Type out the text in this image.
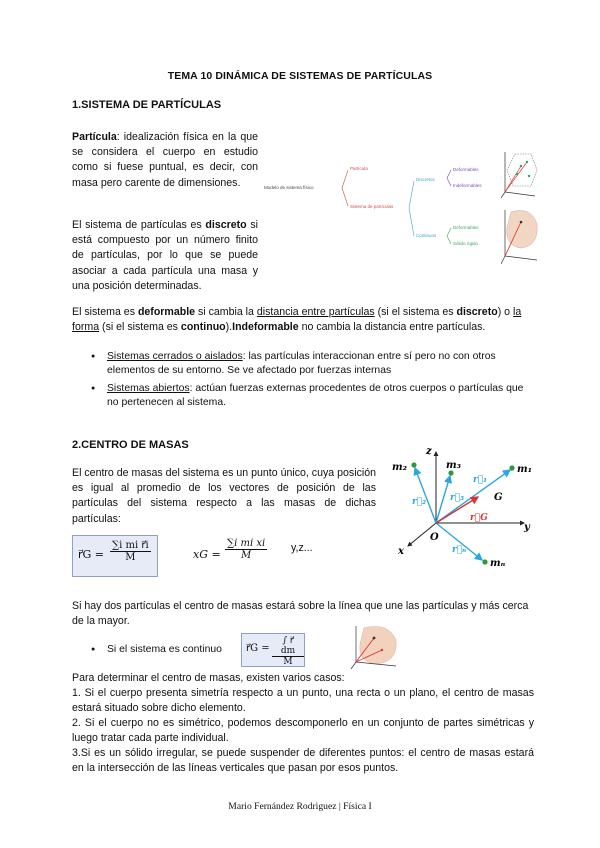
TEMA 10 DINÁMICA DE SISTEMAS DE PARTÍCULAS
1.SISTEMA DE PARTÍCULAS
Partícula: idealización física en la que se considera el cuerpo en estudio como si fuese puntual, es decir, con masa pero carente de dimensiones.
El sistema de partículas es discreto si está compuesto por un número finito de partículas, por lo que se puede asociar a cada partícula una masa y una posición determinadas.
Modelo de sistema físico
Partícula
Sistema de partículas
Discretos
Continuos
Deformables
Indeformables
Deformables
Sólido rígido
El sistema es deformable si cambia la distancia entre partículas (si el sistema es discreto) o la forma (si el sistema es continuo).Indeformable no cambia la distancia entre partículas.
● Sistemas cerrados o aislados: las partículas interaccionan entre sí pero no con otros elementos de su entorno. Se ve afectado por fuerzas internas
● Sistemas abiertos: actúan fuerzas externas procedentes de otros cuerpos o partículas que no pertenecen al sistema.
2.CENTRO DE MASAS
El centro de masas del sistema es un punto único, cuya posición es igual al promedio de los vectores de posición de las partículas del sistema respecto a las masas de dichas partículas:
r⃗G = $\frac{\text{∑i mi r⃗i}}{M}$	xG = $\frac{\text{∑i mi xi}}{M} y,z$...
z
y
x
O
G
m₁
m₂	m₃
mₙ
r⃗₁
r⃗₂	r⃗₃
r⃗ₙ
r⃗G
Si hay dos partículas el centro de masas estará sobre la línea que une las partículas y más cerca de la mayor.
● Si el sistema es continuo	r⃗G = $\frac{\int r⃗ dm}{M}$
Para determinar el centro de masas, existen varios casos:
1. Si el cuerpo presenta simetría respecto a un punto, una recta o un plano, el centro de masas estará situado sobre dicho elemento.
2. Si el cuerpo no es simétrico, podemos descomponerlo en un conjunto de partes simétricas y luego tratar cada parte individual.
3.Si es un sólido irregular, se puede suspender de diferentes puntos: el centro de masas estará en la intersección de las líneas verticales que pasan por esos puntos.
Mario Fernández Rodriguez | Física I
